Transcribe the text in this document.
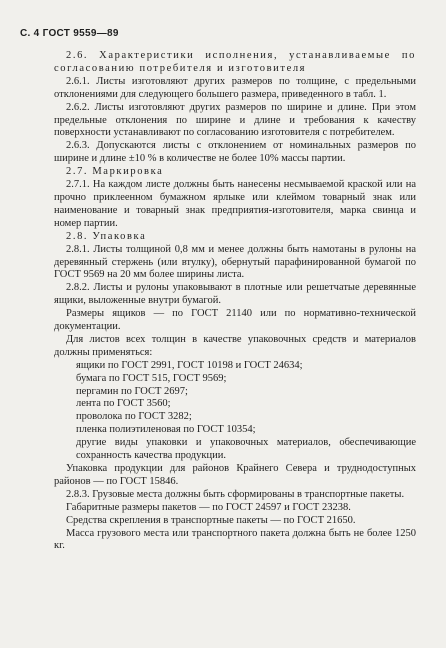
С. 4 ГОСТ 9559—89

2.6. Характеристики исполнения, устанавливаемые по согласованию потребителя и изготовителя

2.6.1. Листы изготовляют других размеров по толщине, с предельными отклонениями для следующего большего размера, приведенного в табл. 1.

2.6.2. Листы изготовляют других размеров по ширине и длине. При этом предельные отклонения по ширине и длине и требования к качеству поверхности устанавливают по согласованию изготовителя с потребителем.

2.6.3. Допускаются листы с отклонением от номинальных размеров по ширине и длине ±10 % в количестве не более 10% массы партии.

2.7. Маркировка

2.7.1. На каждом листе должны быть нанесены несмываемой краской или на прочно приклеенном бумажном ярлыке или клеймом товарный знак или наименование и товарный знак предприятия-изготовителя, марка свинца и номер партии.

2.8. Упаковка

2.8.1. Листы толщиной 0,8 мм и менее должны быть намотаны в рулоны на деревянный стержень (или втулку), обернутый парафинированной бумагой по ГОСТ 9569 на 20 мм более ширины листа.

2.8.2. Листы и рулоны упаковывают в плотные или решетчатые деревянные ящики, выложенные внутри бумагой.

Размеры ящиков — по ГОСТ 21140 или по нормативно-технической документации.

Для листов всех толщин в качестве упаковочных средств и материалов должны применяться:

ящики по ГОСТ 2991, ГОСТ 10198 и ГОСТ 24634;

бумага по ГОСТ 515, ГОСТ 9569;

пергамин по ГОСТ 2697;

лента по ГОСТ 3560;

проволока по ГОСТ 3282;

пленка полиэтиленовая по ГОСТ 10354;

другие виды упаковки и упаковочных материалов, обеспечивающие сохранность качества продукции.

Упаковка продукции для районов Крайнего Севера и труднодоступных районов — по ГОСТ 15846.

2.8.3. Грузовые места должны быть сформированы в транспортные пакеты.

Габаритные размеры пакетов — по ГОСТ 24597 и ГОСТ 23238.

Средства скрепления в транспортные пакеты — по ГОСТ 21650.

Масса грузового места или транспортного пакета должна быть не более 1250 кг.
